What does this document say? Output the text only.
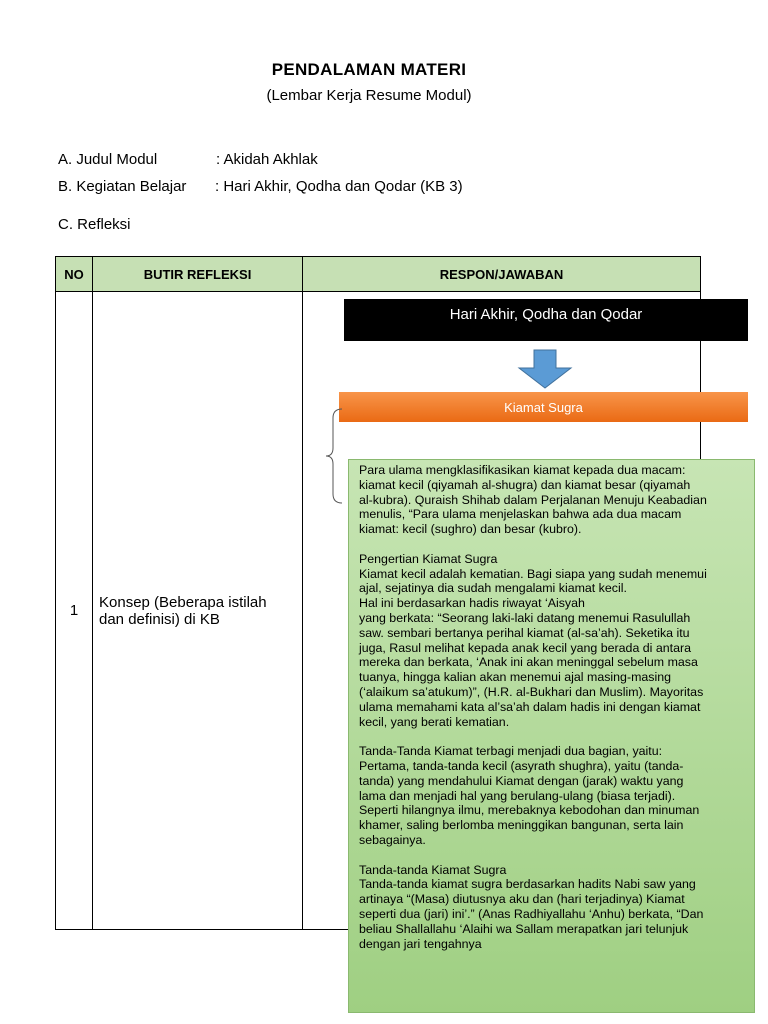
PENDALAMAN MATERI
(Lembar Kerja Resume Modul)
A. Judul Modul	: Akidah Akhlak
B. Kegiatan Belajar : Hari Akhir, Qodha dan Qodar (KB 3)
C. Refleksi
NO	BUTIR REFLEKSI	RESPON/JAWABAN
1	Konsep (Beberapa istilah
dan definisi) di KB	

Hari Akhir, Qodha dan Qodar
Kiamat Sugra

Para ulama mengklasifikasikan kiamat kepada dua macam:
kiamat kecil (qiyamah al-shugra) dan kiamat besar (qiyamah
al-kubra). Quraish Shihab dalam Perjalanan Menuju Keabadian
menulis, “Para ulama menjelaskan bahwa ada dua macam
kiamat: kecil (sughro) dan besar (kubro).

Pengertian Kiamat Sugra
Kiamat kecil adalah kematian. Bagi siapa yang sudah menemui
ajal, sejatinya dia sudah mengalami kiamat kecil.
Hal ini berdasarkan hadis riwayat ‘Aisyah
yang berkata: “Seorang laki-laki datang menemui Rasulullah
saw. sembari bertanya perihal kiamat (al-sa’ah). Seketika itu
juga, Rasul melihat kepada anak kecil yang berada di antara
mereka dan berkata, ‘Anak ini akan meninggal sebelum masa
tuanya, hingga kalian akan menemui ajal masing-masing
(‘alaikum sa’atukum)”, (H.R. al-Bukhari dan Muslim). Mayoritas
ulama memahami kata al’sa’ah dalam hadis ini dengan kiamat
kecil, yang berati kematian.

Tanda-Tanda Kiamat terbagi menjadi dua bagian, yaitu:
Pertama, tanda-tanda kecil (asyrath shughra), yaitu (tanda-
tanda) yang mendahului Kiamat dengan (jarak) waktu yang
lama dan menjadi hal yang berulang-ulang (biasa terjadi).
Seperti hilangnya ilmu, merebaknya kebodohan dan minuman
khamer, saling berlomba meninggikan bangunan, serta lain
sebagainya.

Tanda-tanda Kiamat Sugra
Tanda-tanda kiamat sugra berdasarkan hadits Nabi saw yang
artinaya “(Masa) diutusnya aku dan (hari terjadinya) Kiamat
seperti dua (jari) ini’.” (Anas Radhiyallahu ‘Anhu) berkata, “Dan
beliau Shallallahu ‘Alaihi wa Sallam merapatkan jari telunjuk
dengan jari tengahnya
